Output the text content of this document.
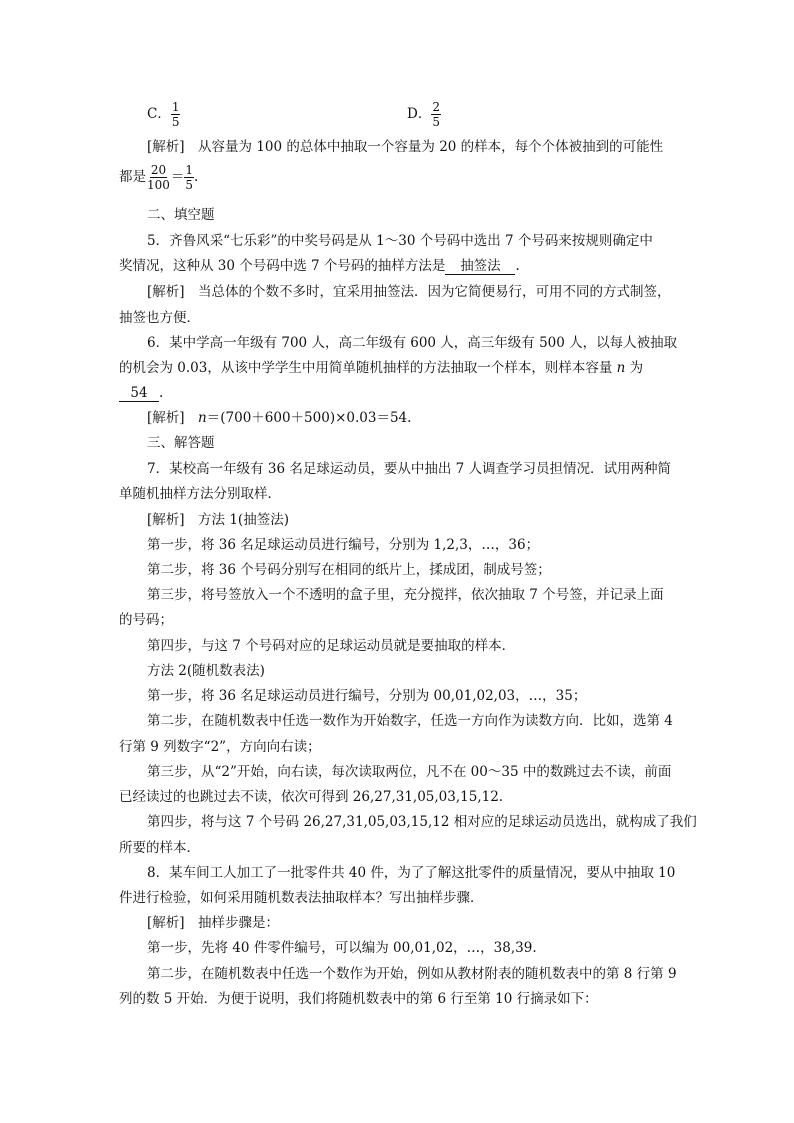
C． $\frac{1}{5}$	D． $\frac{2}{5}$
[解析]　从容量为 100 的总体中抽取一个容量为 20 的样本，每个个体被抽到的可能性
都是 $\frac{20}{100} = \frac{1}{5}$ .
二、填空题
5．齐鲁风采“七乐彩”的中奖号码是从 1～30 个号码中选出 7 个号码来按规则确定中
奖情况，这种从 30 个号码中选 7 个号码的抽样方法是 抽签法 .
[解析]　当总体的个数不多时，宜采用抽签法．因为它简便易行，可用不同的方式制签，
抽签也方便．
6．某中学高一年级有 700 人，高二年级有 600 人，高三年级有 500 人，以每人被抽取
的机会为 0.03，从该中学学生中用简单随机抽样的方法抽取一个样本，则样本容量 n 为
54 .
[解析]　 n＝(700＋600＋500)×0.03＝54.
三、解答题
7．某校高一年级有 36 名足球运动员，要从中抽出 7 人调查学习员担情况．试用两种简
单随机抽样方法分别取样．
[解析]　方法 1(抽签法)
第一步，将 36 名足球运动员进行编号，分别为 1,2,3，…，36；
第二步，将 36 个号码分别写在相同的纸片上，揉成团，制成号签；
第三步，将号签放入一个不透明的盒子里，充分搅拌，依次抽取 7 个号签，并记录上面
的号码；
第四步，与这 7 个号码对应的足球运动员就是要抽取的样本．
方法 2(随机数表法)
第一步，将 36 名足球运动员进行编号，分别为 00,01,02,03，…，35；
第二步，在随机数表中任选一数作为开始数字，任选一方向作为读数方向．比如，选第 4
行第 9 列数字“2”，方向向右读；
第三步，从“2”开始，向右读，每次读取两位，凡不在 00～35 中的数跳过去不读，前面
已经读过的也跳过去不读，依次可得到 26,27,31,05,03,15,12.
第四步，将与这 7 个号码 26,27,31,05,03,15,12 相对应的足球运动员选出，就构成了我们
所要的样本．
8．某车间工人加工了一批零件共 40 件，为了了解这批零件的质量情况，要从中抽取 10
件进行检验，如何采用随机数表法抽取样本？写出抽样步骤．
[解析]　抽样步骤是：
第一步，先将 40 件零件编号，可以编为 00,01,02，…，38,39.
第二步，在随机数表中任选一个数作为开始，例如从教材附表的随机数表中的第 8 行第 9
列的数 5 开始．为便于说明，我们将随机数表中的第 6 行至第 10 行摘录如下：
